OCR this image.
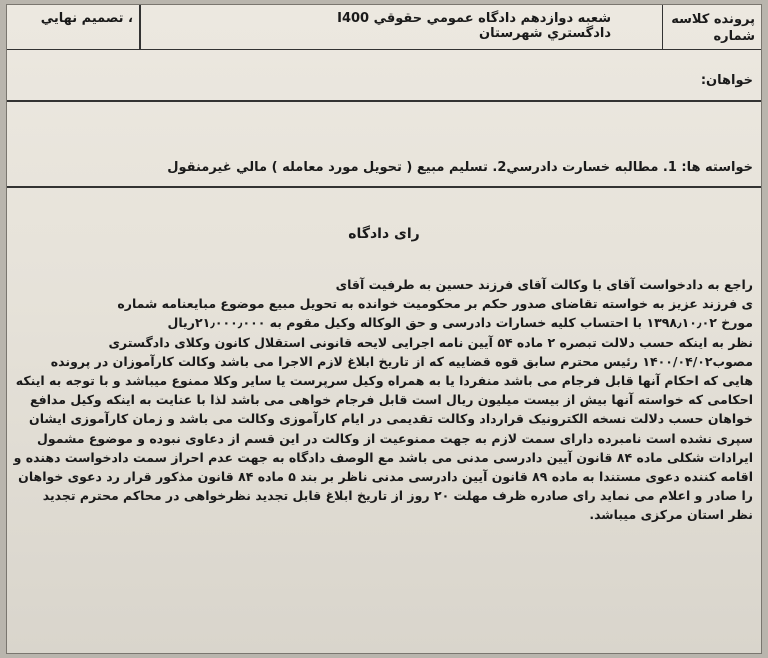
پرونده کلاسه
شماره
I400 شعبه دوازدهم دادگاه عمومي حقوقي دادگستري شهرستان
، تصميم نهايي
خواهان:
خواسته ها: 1. مطالبه خسارت دادرسي2. تسليم مبيع ( تحويل مورد معامله ) مالي غيرمنقول
رای دادگاه

راجع به دادخواست آقای با وکالت آقای فرزند حسین به طرفیت آقای

ی فرزند عزیز به خواسته تقاضای صدور حکم بر محکومیت خوانده به تحویل مبیع موضوع مبایعنامه شماره

مورخ ۱۳۹۸٫۱۰٫۰۲ با احتساب کلیه خسارات دادرسی و حق الوکاله وکیل مقوم به ۲۱٫۰۰۰٫۰۰۰ریال

نظر به اینکه حسب دلالت تبصره ۲ ماده ۵۴ آیین نامه اجرایی لایحه قانونی استقلال کانون وکلای دادگستری

مصوب۱۴۰۰/۰۴/۰۲ رئیس محترم سابق قوه قضاییه که از تاریخ ابلاغ لازم الاجرا می باشد وکالت کارآموزان در پرونده

هایی که احکام آنها قابل فرجام می باشد منفردا یا به همراه وکیل سرپرست یا سایر وکلا ممنوع میباشد و با توجه به اینکه

احکامی که خواسته آنها بیش از بیست میلیون ریال است قابل فرجام خواهی می باشد لذا با عنایت به اینکه وکیل مدافع

خواهان حسب دلالت نسخه الکترونیک قرارداد وکالت تقدیمی در ایام کارآموزی وکالت می باشد و زمان کارآموزی ایشان

سپری نشده است نامبرده دارای سمت لازم به جهت ممنوعیت از وکالت در این قسم از دعاوی نبوده و موضوع مشمول

ایرادات شکلی ماده ۸۴ قانون آیین دادرسی مدنی می باشد مع الوصف دادگاه به جهت عدم احراز سمت دادخواست دهنده و

اقامه کننده دعوی مستندا به ماده ۸۹ قانون آیین دادرسی مدنی ناظر بر بند ۵ ماده ۸۴ قانون مذکور قرار رد دعوی خواهان

را صادر و اعلام می نماید رای صادره ظرف مهلت ۲۰ روز از تاریخ ابلاغ قابل تجدید نظرخواهی در محاکم محترم تجدید

نظر استان مرکزی میباشد.
